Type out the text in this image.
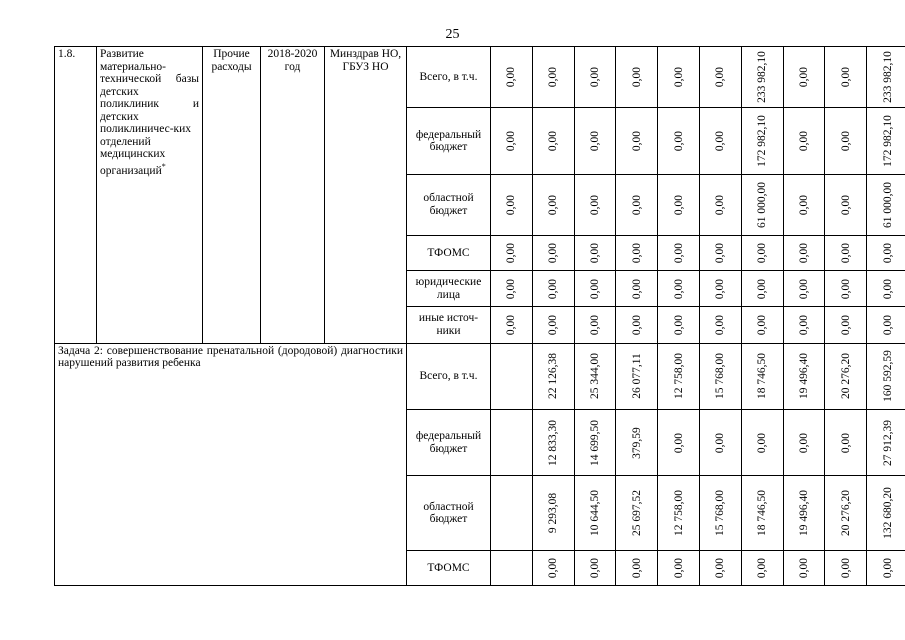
25
1.8.	Развитие материально-технической базы детских поликлиник и детских поликлиничес-ких отделений медицинских организаций*	Прочие расходы	2018-2020 год	Минздрав НО, ГБУЗ НО	Всего, в т.ч.	0,00	0,00	0,00	0,00	0,00	0,00	233 982,10	0,00	0,00	233 982,10

					федеральный бюджет	0,00	0,00	0,00	0,00	0,00	0,00	172 982,10	0,00	0,00	172 982,10

					областной бюджет	0,00	0,00	0,00	0,00	0,00	0,00	61 000,00	0,00	0,00	61 000,00

					ТФОМС	0,00	0,00	0,00	0,00	0,00	0,00	0,00	0,00	0,00	0,00

					юридические лица	0,00	0,00	0,00	0,00	0,00	0,00	0,00	0,00	0,00	0,00

					иные источ-ники	0,00	0,00	0,00	0,00	0,00	0,00	0,00	0,00	0,00	0,00

Задача 2: совершенствование пренатальной (дородовой) диагностики нарушений развития ребенка					Всего, в т.ч.		22 126,38	25 344,00	26 077,11	12 758,00	15 768,00	18 746,50	19 496,40	20 276,20	160 592,59

					федеральный бюджет		12 833,30	14 699,50	379,59	0,00	0,00	0,00	0,00	0,00	27 912,39

					областной бюджет		9 293,08	10 644,50	25 697,52	12 758,00	15 768,00	18 746,50	19 496,40	20 276,20	132 680,20

					ТФОМС		0,00	0,00	0,00	0,00	0,00	0,00	0,00	0,00	0,00
